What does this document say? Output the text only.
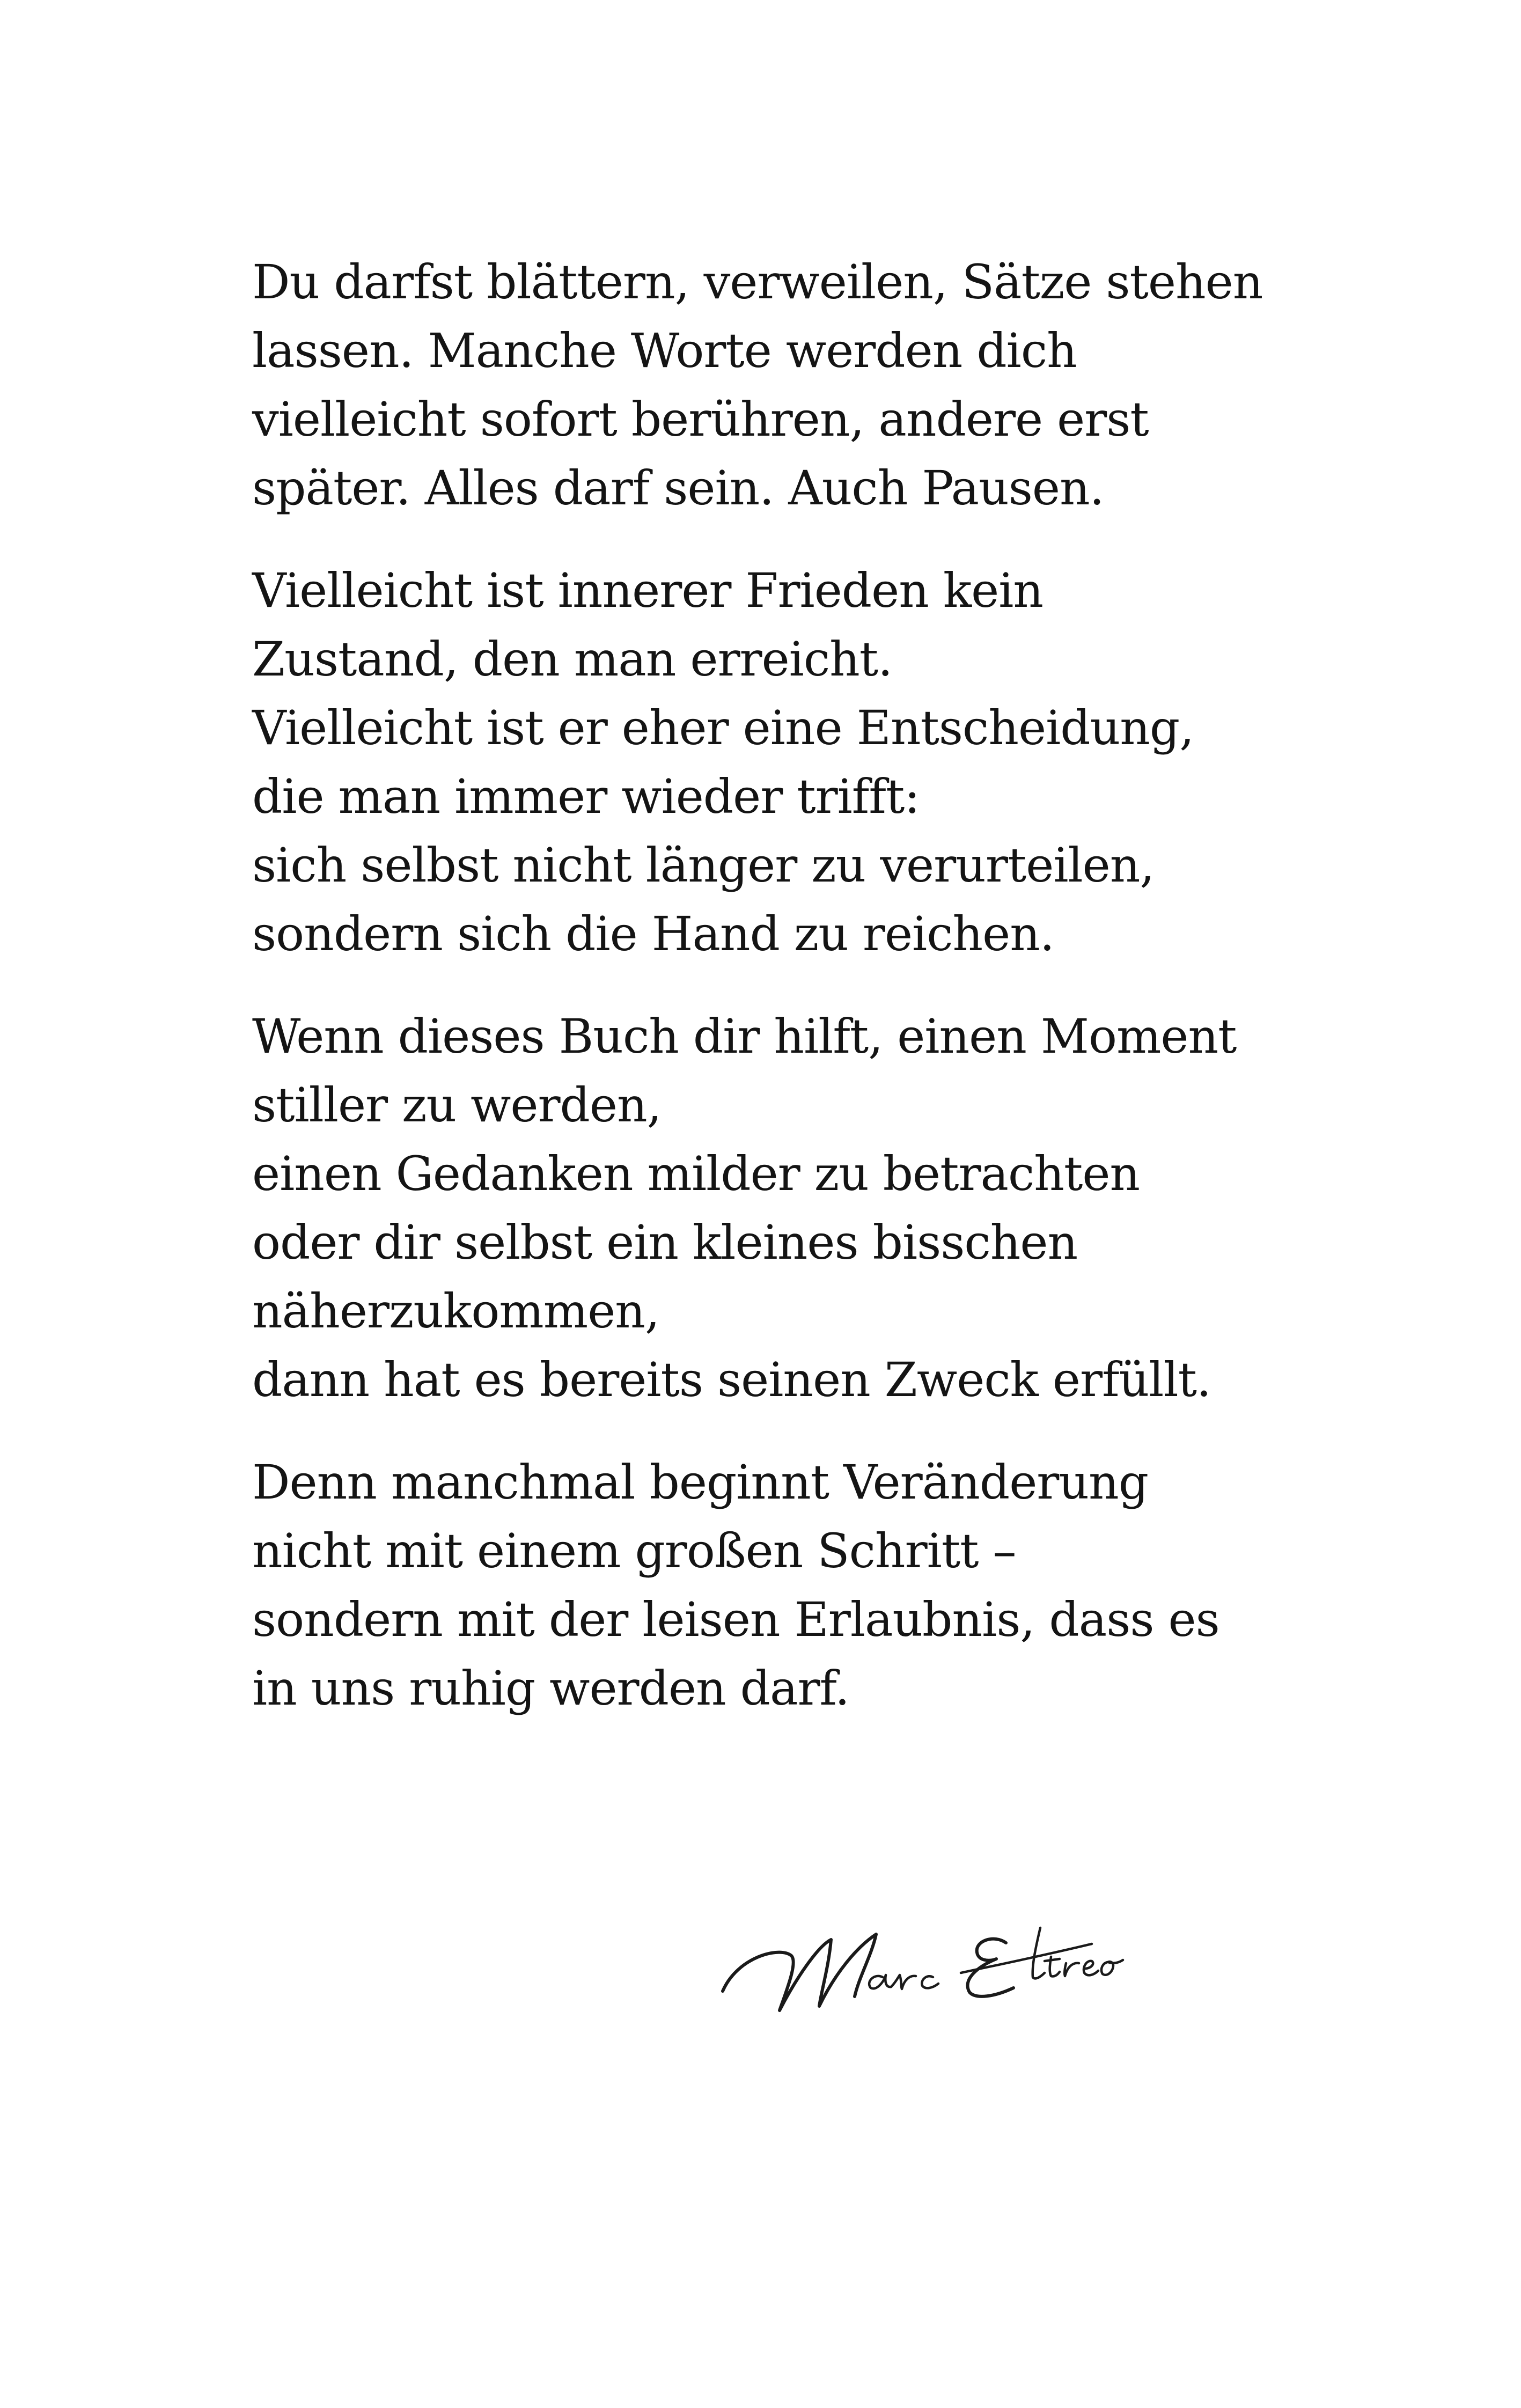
Du darfst blättern, verweilen, Sätze stehen
lassen. Manche Worte werden dich
vielleicht sofort berühren, andere erst
später. Alles darf sein. Auch Pausen.

Vielleicht ist innerer Frieden kein
Zustand, den man erreicht.
Vielleicht ist er eher eine Entscheidung,
die man immer wieder trifft:
sich selbst nicht länger zu verurteilen,
sondern sich die Hand zu reichen.

Wenn dieses Buch dir hilft, einen Moment
stiller zu werden,
einen Gedanken milder zu betrachten
oder dir selbst ein kleines bisschen
näherzukommen,
dann hat es bereits seinen Zweck erfüllt.

Denn manchmal beginnt Veränderung
nicht mit einem großen Schritt –
sondern mit der leisen Erlaubnis, dass es
in uns ruhig werden darf.
